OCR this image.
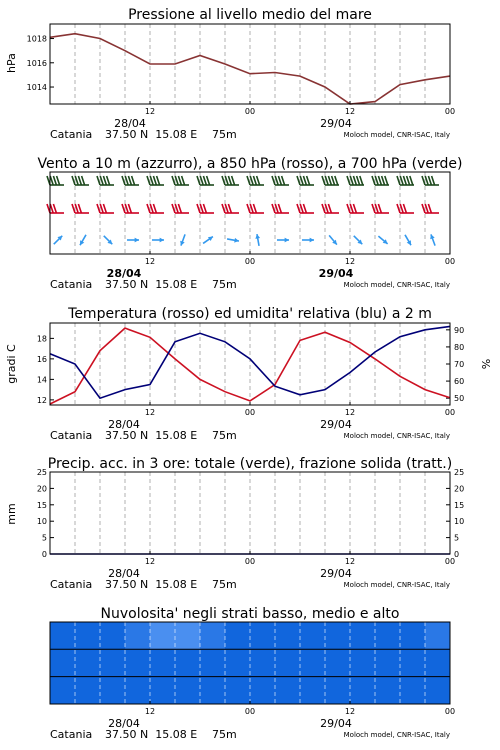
Pressione al livello medio del mare
hPa
1014
1016
1018
12	00	12	00
28/04	29/04
Catania 37.50 N  15.08 E 75m	Moloch model, CNR-ISAC, Italy
Vento a 10 m (azzurro), a 850 hPa (rosso), a 700 hPa (verde)
12	00	12	00
28/04	29/04
Catania 37.50 N  15.08 E 75m	Moloch model, CNR-ISAC, Italy
Temperatura (rosso) ed umidita' relativa (blu) a 2 m
gradi C	%
12
14
16
18
50
60
70
80
90
12	00	12	00
28/04	29/04
Catania 37.50 N  15.08 E 75m	Moloch model, CNR-ISAC, Italy
Precip. acc. in 3 ore: totale (verde), frazione solida (tratt.)
mm
0
5
10
15
20
25
0
5
10
15
20
25
12	00	12	00
28/04	29/04
Catania 37.50 N  15.08 E 75m	Moloch model, CNR-ISAC, Italy
Nuvolosita' negli strati basso, medio e alto
12	00	12	00
28/04	29/04
Catania 37.50 N  15.08 E 75m	Moloch model, CNR-ISAC, Italy
